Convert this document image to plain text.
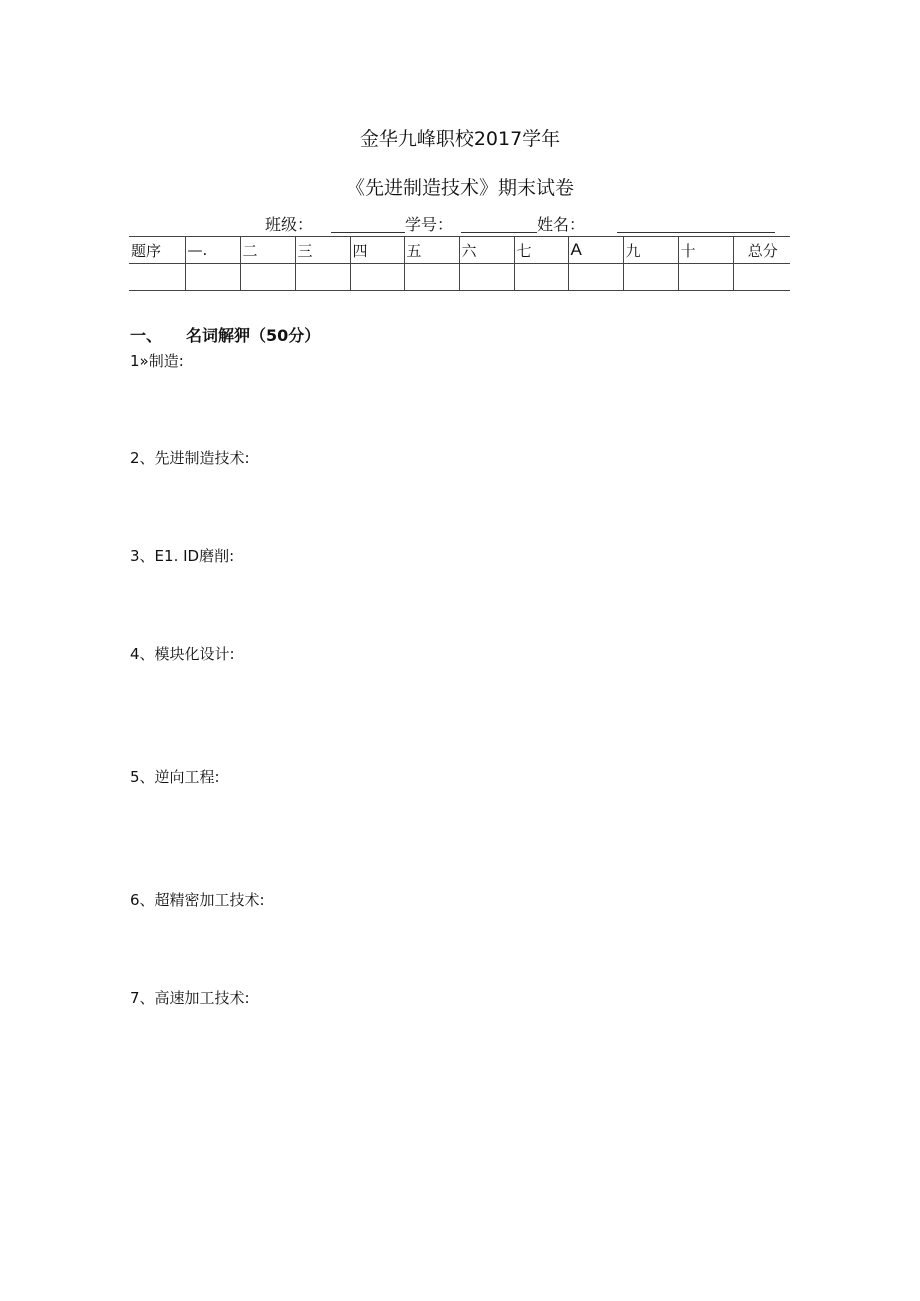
金华九峰职校2017学年
《先进制造技术》期末试卷
班级：	学号：	姓名：
题序	—.	二	三	四	五	六	七	A	九	十	总分

一、 名词解狎（50分）
1»制造:
2、先进制造技术:
3、E1. ID磨削:
4、模块化设计:
5、逆向工程:
6、超精密加工技术:
7、高速加工技术:
